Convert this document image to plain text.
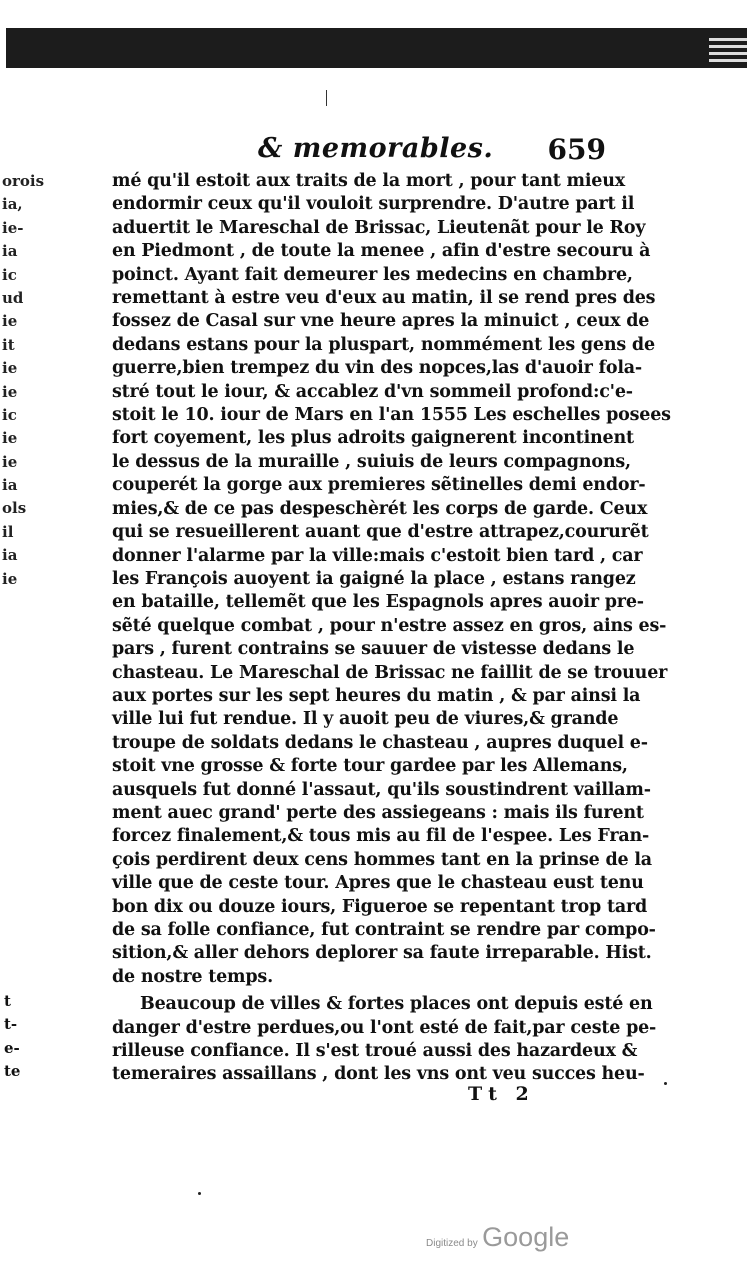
& memorables. 659
orois
ia,
ie-
ia
ic
ud
ie
it
ie
ie
ic
ie
ie
ia
ols
il
ia
ie
t
t-
e-
te
mé qu'il estoit aux traits de la mort , pour tant mieux
endormir ceux qu'il vouloit surprendre. D'autre part il
aduertit le Mareschal de Brissac, Lieutenãt pour le Roy
en Piedmont , de toute la menee , afin d'estre secouru à
poinct. Ayant fait demeurer les medecins en chambre,
remettant à estre veu d'eux au matin, il se rend pres des
fossez de Casal sur vne heure apres la minuict , ceux de
dedans estans pour la pluspart, nommément les gens de
guerre,bien trempez du vin des nopces,las d'auoir fola-
stré tout le iour, & accablez d'vn sommeil profond:c'e-
stoit le 10. iour de Mars en l'an 1555 Les eschelles posees
fort coyement, les plus adroits gaignerent incontinent
le dessus de la muraille , suiuis de leurs compagnons,
couperét la gorge aux premieres sẽtinelles demi endor-
mies,& de ce pas despeschèrét les corps de garde. Ceux
qui se resueillerent auant que d'estre attrapez,coururẽt
donner l'alarme par la ville:mais c'estoit bien tard , car
les François auoyent ia gaigné la place , estans rangez
en bataille, tellemẽt que les Espagnols apres auoir pre-
sẽté quelque combat , pour n'estre assez en gros, ains es-
pars , furent contrains se sauuer de vistesse dedans le
chasteau. Le Mareschal de Brissac ne faillit de se trouuer
aux portes sur les sept heures du matin , & par ainsi la
ville lui fut rendue. Il y auoit peu de viures,& grande
troupe de soldats dedans le chasteau , aupres duquel e-
stoit vne grosse & forte tour gardee par les Allemans,
ausquels fut donné l'assaut, qu'ils soustindrent vaillam-
ment auec grand' perte des assiegeans : mais ils furent
forcez finalement,& tous mis au fil de l'espee. Les Fran-
çois perdirent deux cens hommes tant en la prinse de la
ville que de ceste tour. Apres que le chasteau eust tenu
bon dix ou douze iours, Figueroe se repentant trop tard
de sa folle confiance, fut contraint se rendre par compo-
sition,& aller dehors deplorer sa faute irreparable. Hist.
de nostre temps.
Beaucoup de villes & fortes places ont depuis esté en
danger d'estre perdues,ou l'ont esté de fait,par ceste pe-
rilleuse confiance. Il s'est troué aussi des hazardeux &
temeraires assaillans , dont les vns ont veu succes heu-
Tt 2
Digitized by Google
